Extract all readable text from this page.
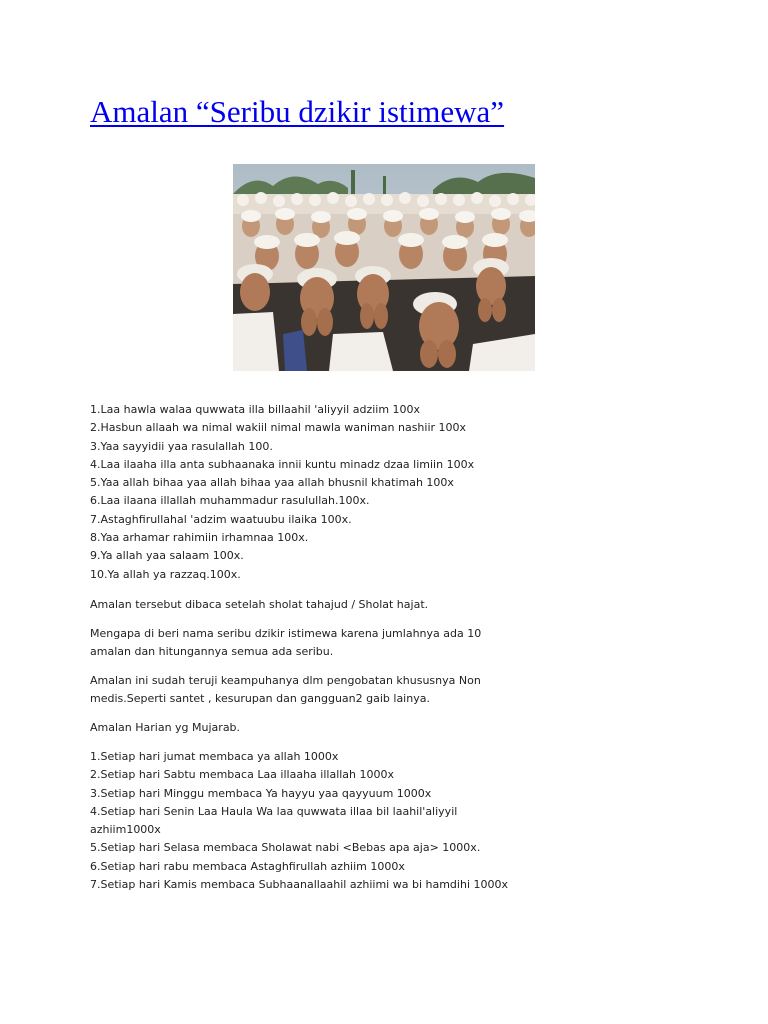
Amalan “Seribu dzikir istimewa”
1.Laa hawla walaa quwwata illa billaahil 'aliyyil adziim 100x
2.Hasbun allaah wa nimal wakiil nimal mawla waniman nashiir 100x
3.Yaa sayyidii yaa rasulallah 100.
4.Laa ilaaha illa anta subhaanaka innii kuntu minadz dzaa limiin 100x
5.Yaa allah bihaa yaa allah bihaa yaa allah bhusnil khatimah 100x
6.Laa ilaana illallah muhammadur rasulullah.100x.
7.Astaghfirullahal 'adzim waatuubu ilaika 100x.
8.Yaa arhamar rahimiin irhamnaa 100x.
9.Ya allah yaa salaam 100x.
10.Ya allah ya razzaq.100x.

Amalan tersebut dibaca setelah sholat tahajud / Sholat hajat.

Mengapa di beri nama seribu dzikir istimewa karena jumlahnya ada 10 amalan dan hitungannya semua ada seribu.

Amalan ini sudah teruji keampuhanya dlm pengobatan khususnya Non medis.Seperti santet , kesurupan dan gangguan2 gaib lainya.

Amalan Harian yg Mujarab.

1.Setiap hari jumat membaca ya allah 1000x
2.Setiap hari Sabtu membaca Laa illaaha illallah 1000x
3.Setiap hari Minggu membaca Ya hayyu yaa qayyuum 1000x
4.Setiap hari Senin Laa Haula Wa laa quwwata illaa bil laahil'aliyyil azhiim1000x
5.Setiap hari Selasa membaca Sholawat nabi <Bebas apa aja> 1000x.
6.Setiap hari rabu membaca Astaghfirullah azhiim 1000x
7.Setiap hari Kamis membaca Subhaanallaahil azhiimi wa bi hamdihi 1000x
